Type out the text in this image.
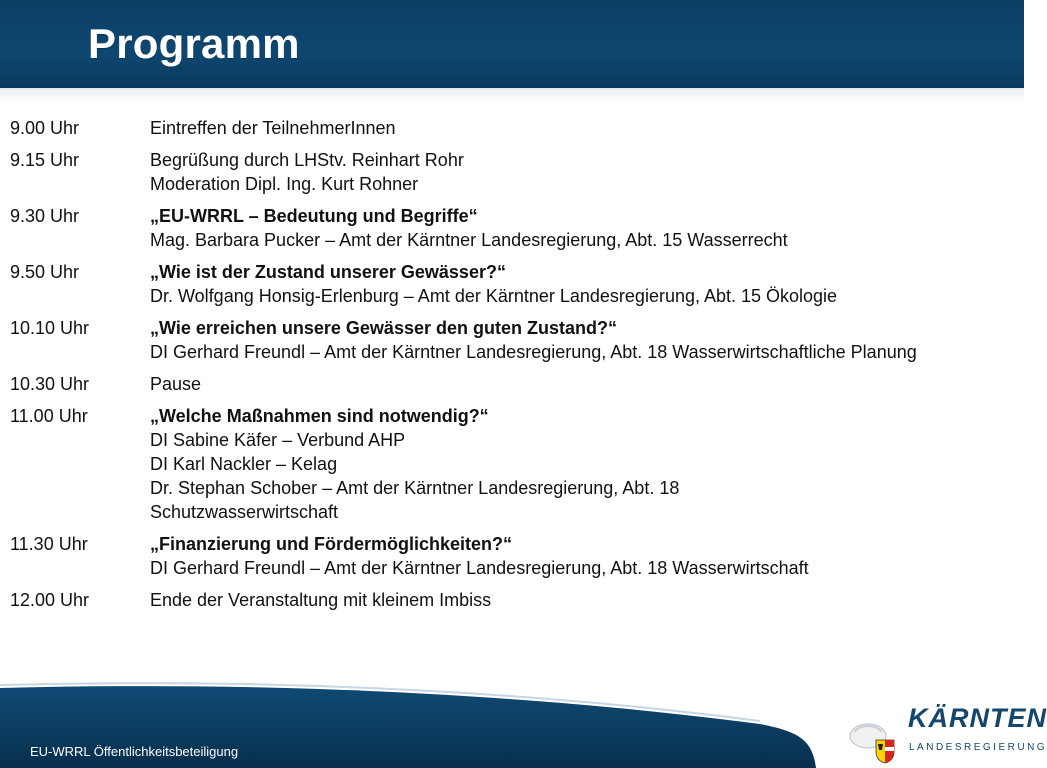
Programm
9.00 Uhr	Eintreffen der TeilnehmerInnen
9.15 Uhr	Begrüßung durch LHStv. Reinhart Rohr
Moderation Dipl. Ing. Kurt Rohner
9.30 Uhr	„EU-WRRL – Bedeutung und Begriffe“
Mag. Barbara Pucker – Amt der Kärntner Landesregierung, Abt. 15 Wasserrecht
9.50 Uhr	„Wie ist der Zustand unserer Gewässer?“
Dr. Wolfgang Honsig-Erlenburg – Amt der Kärntner Landesregierung, Abt. 15 Ökologie
10.10 Uhr	„Wie erreichen unsere Gewässer den guten Zustand?“
DI Gerhard Freundl – Amt der Kärntner Landesregierung, Abt. 18 Wasserwirtschaftliche Planung
10.30 Uhr	Pause
11.00 Uhr	„Welche Maßnahmen sind notwendig?“
DI Sabine Käfer – Verbund AHP
DI Karl Nackler – Kelag
Dr. Stephan Schober – Amt der Kärntner Landesregierung, Abt. 18
Schutzwasserwirtschaft
11.30 Uhr	„Finanzierung und Fördermöglichkeiten?“
DI Gerhard Freundl – Amt der Kärntner Landesregierung, Abt. 18 Wasserwirtschaft
12.00 Uhr	Ende der Veranstaltung mit kleinem Imbiss
EU-WRRL Öffentlichkeitsbeteiligung
KÄRNTEN
LANDESREGIERUNG
